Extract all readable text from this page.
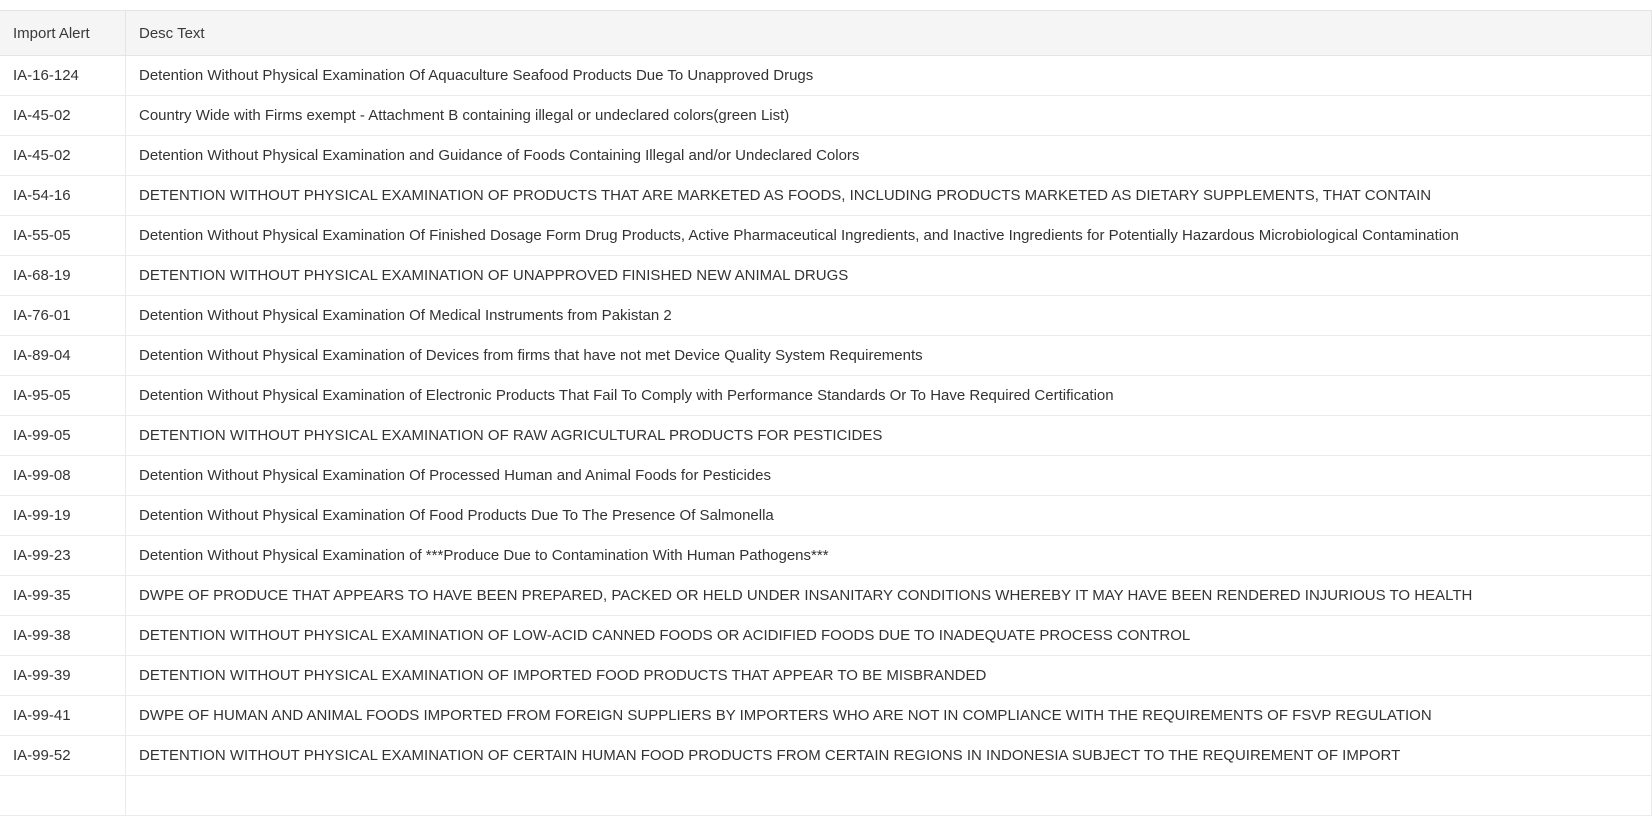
Import Alert	Desc Text
IA-16-124	Detention Without Physical Examination Of Aquaculture Seafood Products Due To Unapproved Drugs

IA-45-02	Country Wide with Firms exempt - Attachment B containing illegal or undeclared colors(green List)

IA-45-02	Detention Without Physical Examination and Guidance of Foods Containing Illegal and/or Undeclared Colors

IA-54-16	DETENTION WITHOUT PHYSICAL EXAMINATION OF PRODUCTS THAT ARE MARKETED AS FOODS, INCLUDING PRODUCTS MARKETED AS DIETARY SUPPLEMENTS, THAT CONTAIN

IA-55-05	Detention Without Physical Examination Of Finished Dosage Form Drug Products, Active Pharmaceutical Ingredients, and Inactive Ingredients for Potentially Hazardous Microbiological Contamination

IA-68-19	DETENTION WITHOUT PHYSICAL EXAMINATION OF UNAPPROVED FINISHED NEW ANIMAL DRUGS

IA-76-01	Detention Without Physical Examination Of Medical Instruments from Pakistan 2

IA-89-04	Detention Without Physical Examination of Devices from firms that have not met Device Quality System Requirements

IA-95-05	Detention Without Physical Examination of Electronic Products That Fail To Comply with Performance Standards Or To Have Required Certification

IA-99-05	DETENTION WITHOUT PHYSICAL EXAMINATION OF RAW AGRICULTURAL PRODUCTS FOR PESTICIDES

IA-99-08	Detention Without Physical Examination Of Processed Human and Animal Foods for Pesticides

IA-99-19	Detention Without Physical Examination Of Food Products Due To The Presence Of Salmonella

IA-99-23	Detention Without Physical Examination of ***Produce Due to Contamination With Human Pathogens***

IA-99-35	DWPE OF PRODUCE THAT APPEARS TO HAVE BEEN PREPARED, PACKED OR HELD UNDER INSANITARY CONDITIONS WHEREBY IT MAY HAVE BEEN RENDERED INJURIOUS TO HEALTH

IA-99-38	DETENTION WITHOUT PHYSICAL EXAMINATION OF LOW-ACID CANNED FOODS OR ACIDIFIED FOODS DUE TO INADEQUATE PROCESS CONTROL

IA-99-39	DETENTION WITHOUT PHYSICAL EXAMINATION OF IMPORTED FOOD PRODUCTS THAT APPEAR TO BE MISBRANDED

IA-99-41	DWPE OF HUMAN AND ANIMAL FOODS IMPORTED FROM FOREIGN SUPPLIERS BY IMPORTERS WHO ARE NOT IN COMPLIANCE WITH THE REQUIREMENTS OF FSVP REGULATION

IA-99-52	DETENTION WITHOUT PHYSICAL EXAMINATION OF CERTAIN HUMAN FOOD PRODUCTS FROM CERTAIN REGIONS IN INDONESIA SUBJECT TO THE REQUIREMENT OF IMPORT
